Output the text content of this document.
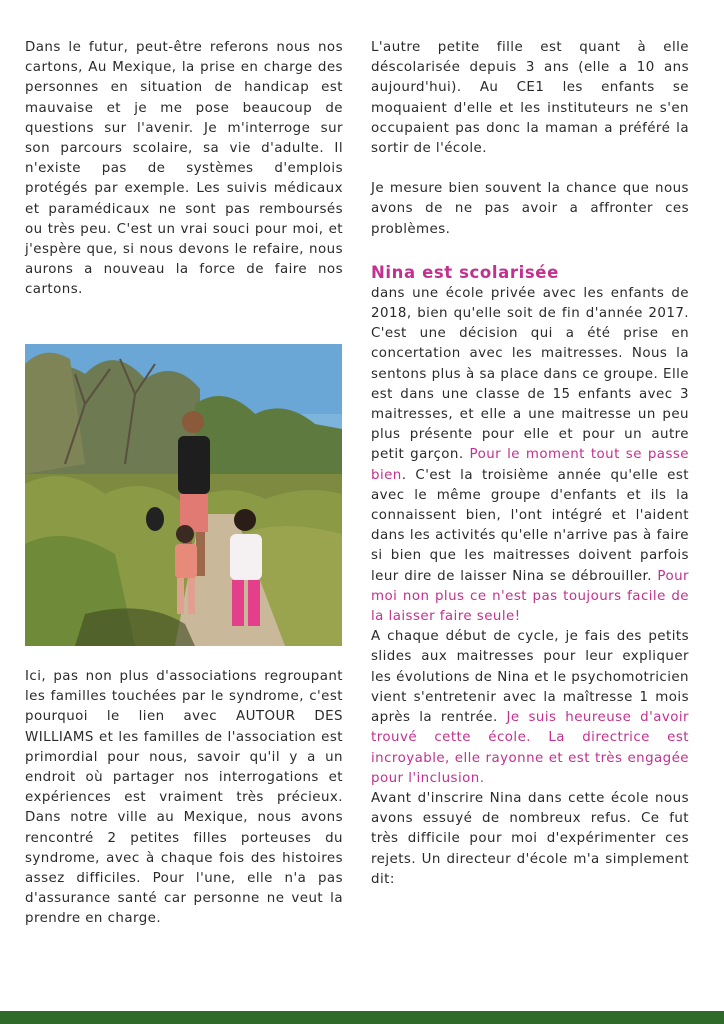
Dans le futur, peut-être referons nous nos cartons, Au Mexique, la prise en charge des personnes en situation de handicap est mauvaise et je me pose beaucoup de questions sur l'avenir. Je m'interroge sur son parcours scolaire, sa vie d'adulte. Il n'existe pas de systèmes d'emplois protégés par exemple. Les suivis médicaux et paramédicaux ne sont pas remboursés ou très peu. C'est un vrai souci pour moi, et j'espère que, si nous devons le refaire, nous aurons a nouveau la force de faire nos cartons.

Ici, pas non plus d'associations regroupant les familles touchées par le syndrome, c'est pourquoi le lien avec AUTOUR DES WILLIAMS et les familles de l'association est primordial pour nous, savoir qu'il y a un endroit où partager nos interrogations et expériences est vraiment très précieux. Dans notre ville au Mexique, nous avons rencontré 2 petites filles porteuses du syndrome, avec à chaque fois des histoires assez difficiles. Pour l'une, elle n'a pas d'assurance santé car personne ne veut la prendre en charge.

L'autre petite fille est quant à elle déscolarisée depuis 3 ans (elle a 10 ans aujourd'hui). Au CE1 les enfants se moquaient d'elle et les instituteurs ne s'en occupaient pas donc la maman a préféré la sortir de l'école.

Je mesure bien souvent la chance que nous avons de ne pas avoir a affronter ces problèmes.

Nina est scolarisée

dans une école privée avec les enfants de 2018, bien qu'elle soit de fin d'année 2017. C'est une décision qui a été prise en concertation avec les maitresses. Nous la sentons plus à sa place dans ce groupe. Elle est dans une classe de 15 enfants avec 3 maitresses, et elle a une maitresse un peu plus présente pour elle et pour un autre petit garçon. Pour le moment tout se passe bien. C'est la troisième année qu'elle est avec le même groupe d'enfants et ils la connaissent bien, l'ont intégré et l'aident dans les activités qu'elle n'arrive pas à faire si bien que les maitresses doivent parfois leur dire de laisser Nina se débrouiller. Pour moi non plus ce n'est pas toujours facile de la laisser faire seule!

A chaque début de cycle, je fais des petits slides aux maitresses pour leur expliquer les évolutions de Nina et le psychomotricien vient s'entretenir avec la maîtresse 1 mois après la rentrée. Je suis heureuse d'avoir trouvé cette école. La directrice est incroyable, elle rayonne et est très engagée pour l'inclusion.

Avant d'inscrire Nina dans cette école nous avons essuyé de nombreux refus. Ce fut très difficile pour moi d'expérimenter ces rejets. Un directeur d'école m'a simplement dit:
